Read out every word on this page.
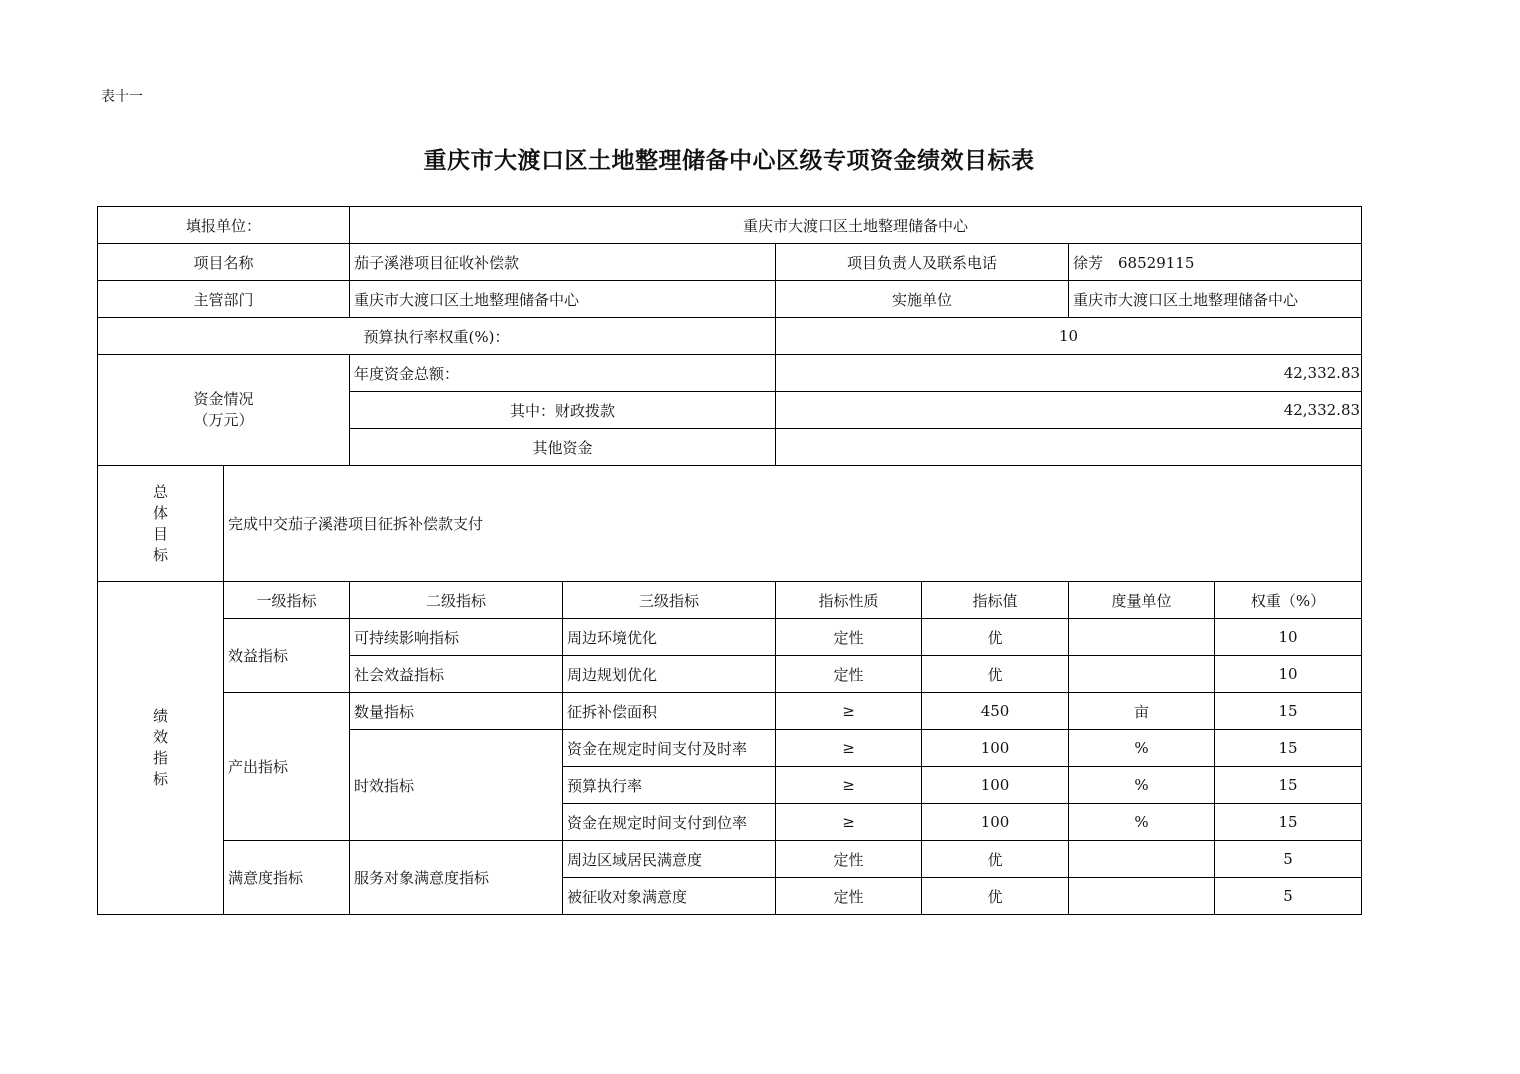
表十一
重庆市大渡口区土地整理储备中心区级专项资金绩效目标表
填报单位：		重庆市大渡口区土地整理储备中心					
项目名称		茄子溪港项目征收补偿款		项目负责人及联系电话		徐芳　68529115	
主管部门		重庆市大渡口区土地整理储备中心		实施单位		重庆市大渡口区土地整理储备中心	
预算执行率权重(%)：				10			

资金情况
（万元）		年度资金总额：		42,332.83			
		其中：财政拨款		42,332.83			
		其他资金					

总
体
目
标	完成中交茄子溪港项目征拆补偿款支付						

绩
效
指
标	一级指标	二级指标	三级指标	指标性质	指标值	度量单位	权重（%）
	效益指标	可持续影响指标	周边环境优化	定性	优		10
		社会效益指标	周边规划优化	定性	优		10
	产出指标	数量指标	征拆补偿面积	≥	450	亩	15
		时效指标	资金在规定时间支付及时率	≥	100	%	15
			预算执行率	≥	100	%	15
			资金在规定时间支付到位率	≥	100	%	15
	满意度指标	服务对象满意度指标	周边区域居民满意度	定性	优		5
			被征收对象满意度	定性	优		5
